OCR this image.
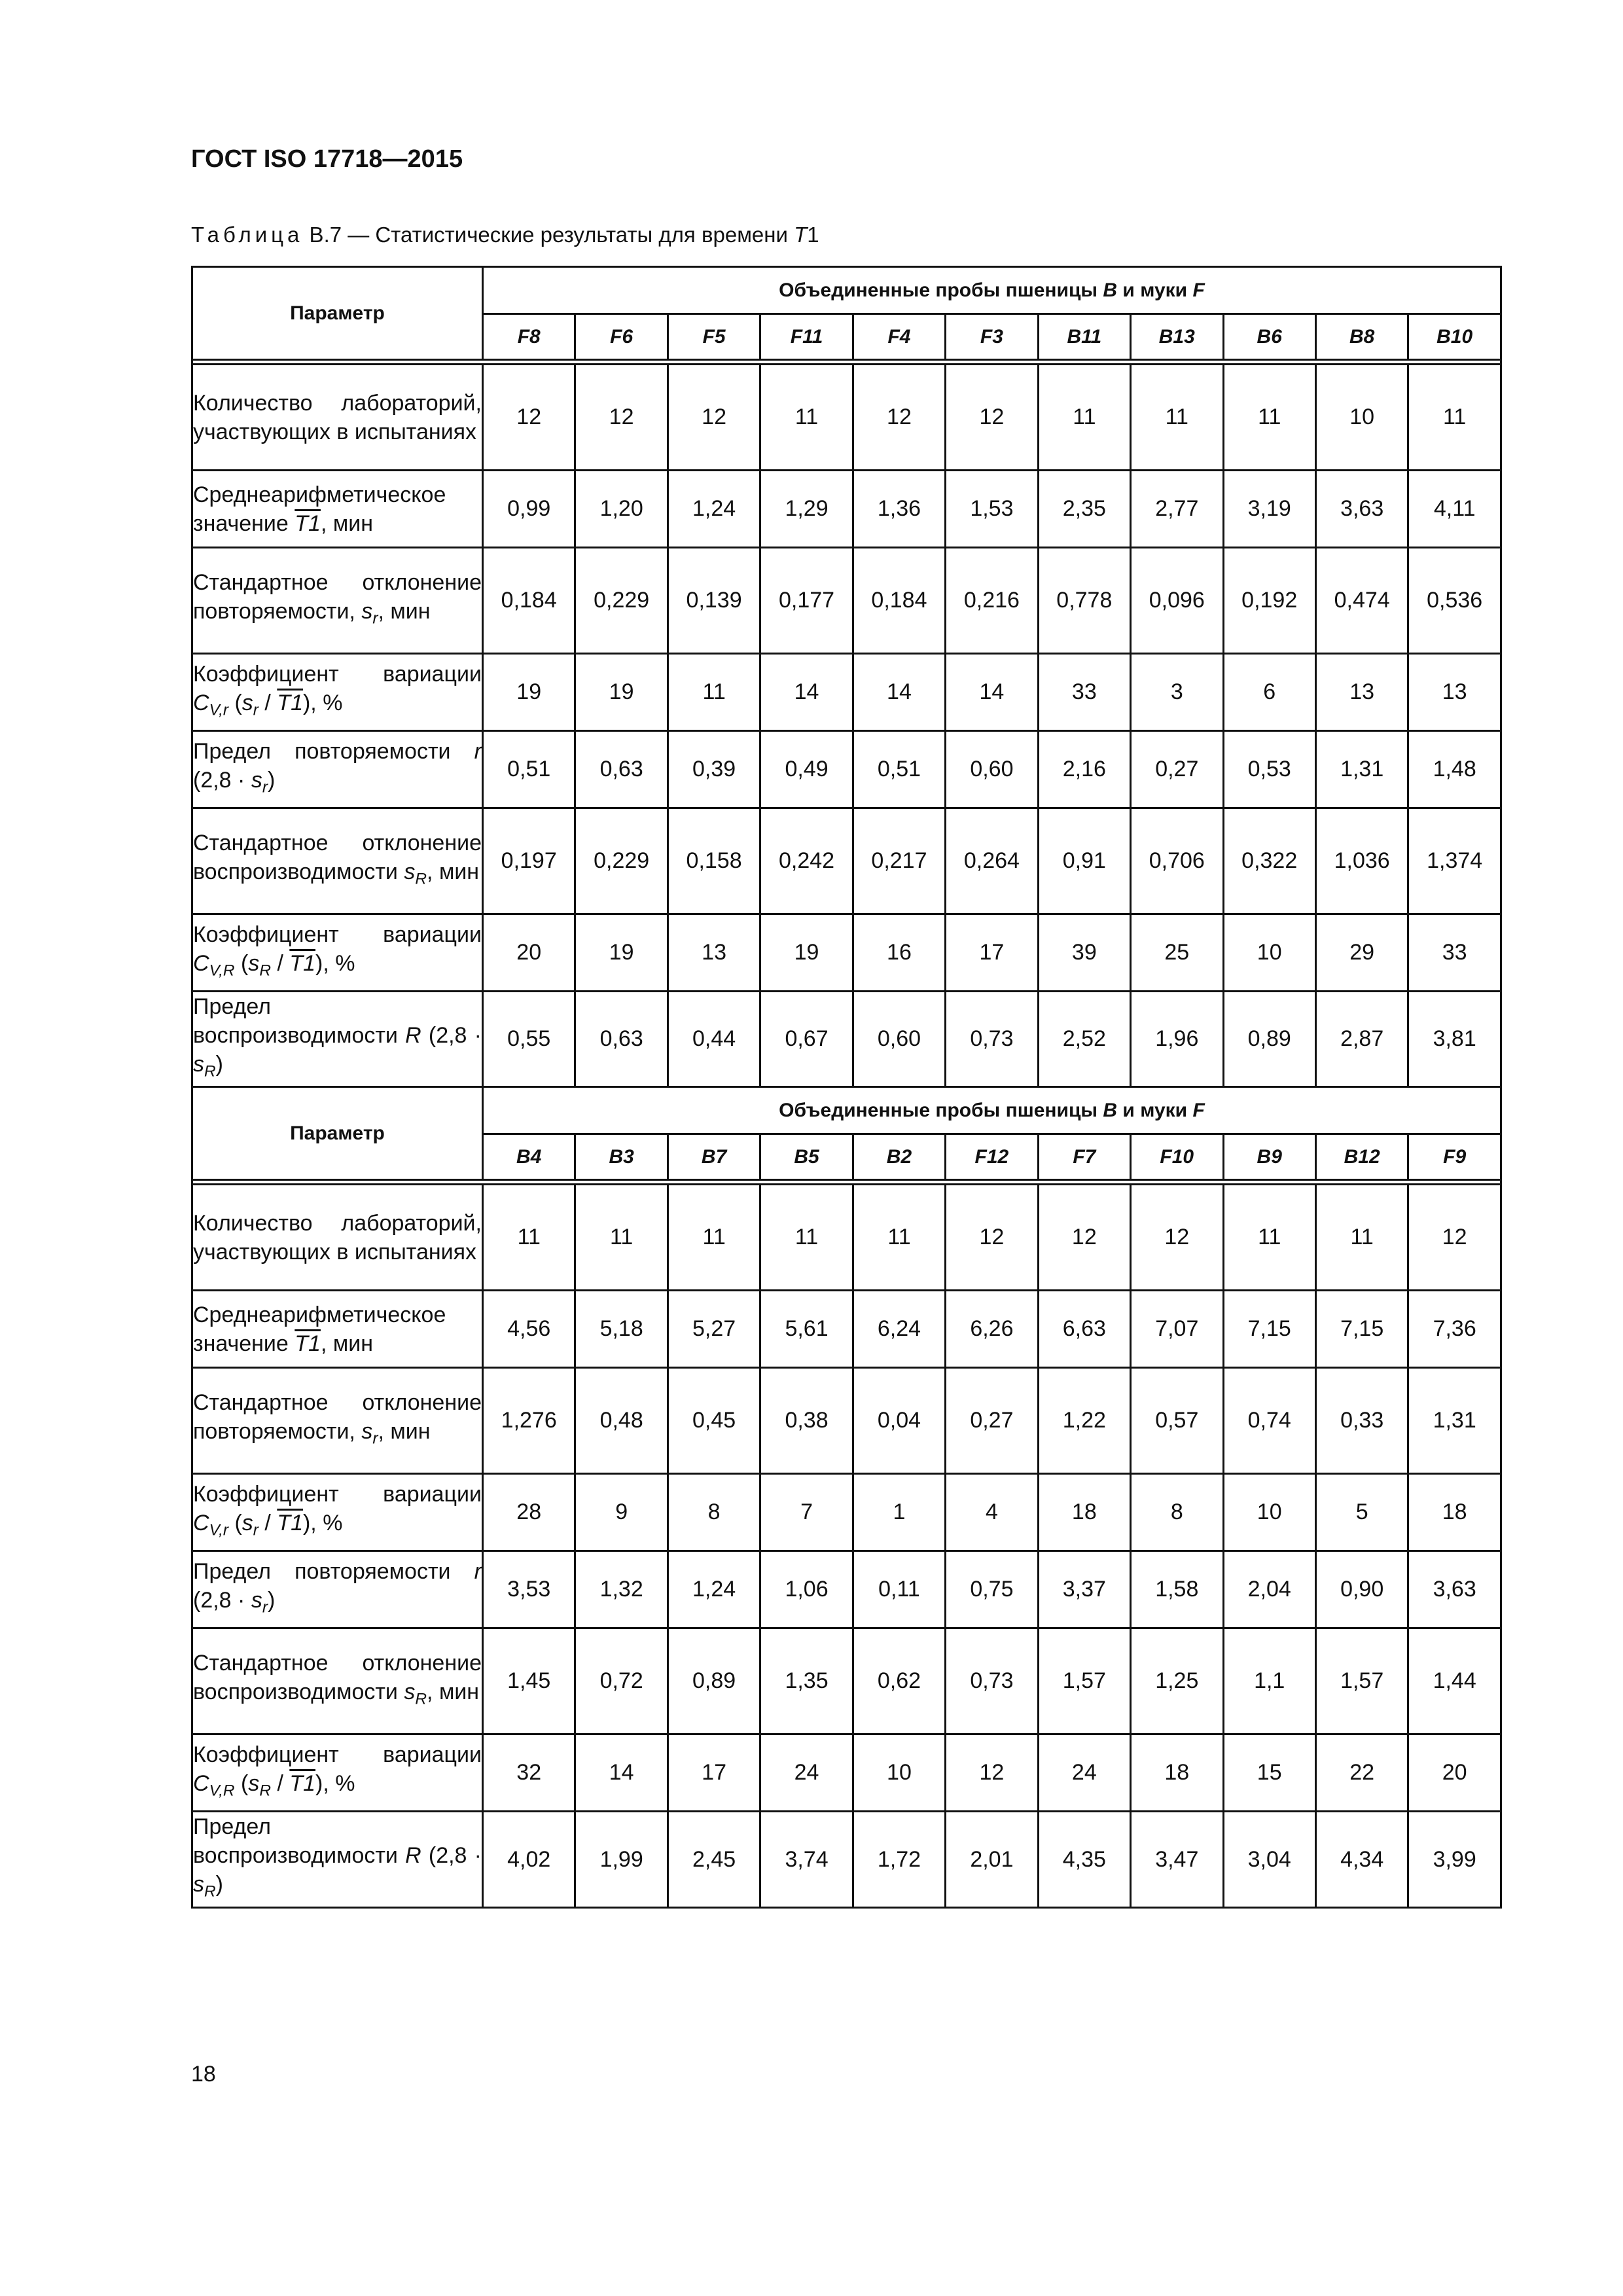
ГОСТ ISO 17718—2015
Таблица В.7 — Статистические результаты для времени T1
Параметр	Объединенные пробы пшеницы B и муки F										
	F8	F6	F5	F11	F4	F3	B11	B13	B6	B8	B10

Количество лабораторий, участвующих в испытаниях	12	12	12	11	12	12	11	11	11	10	11
Среднеарифметическое значение T1, мин	0,99	1,20	1,24	1,29	1,36	1,53	2,35	2,77	3,19	3,63	4,11
Стандартное отклонение повторяемости, $s_r$, мин	0,184	0,229	0,139	0,177	0,184	0,216	0,778	0,096	0,192	0,474	0,536
Коэффициент вариации $C_{V,r}$ $(s_r / T1)$, %	19	19	11	14	14	14	33	3	6	13	13
Предел повторяемости r $(2,8 \cdot s_r)$	0,51	0,63	0,39	0,49	0,51	0,60	2,16	0,27	0,53	1,31	1,48
Стандартное отклонение воспроизводимости $s_R$, мин	0,197	0,229	0,158	0,242	0,217	0,264	0,91	0,706	0,322	1,036	1,374
Коэффициент вариации $C_{V,R}$ $(s_R / T1)$, %	20	19	13	19	16	17	39	25	10	29	33
Предел воспроизводимости R $(2,8 \cdot s_R)$	0,55	0,63	0,44	0,67	0,60	0,73	2,52	1,96	0,89	2,87	3,81
Параметр	Объединенные пробы пшеницы B и муки F										
	B4	B3	B7	B5	B2	F12	F7	F10	B9	B12	F9

Количество лабораторий, участвующих в испытаниях	11	11	11	11	11	12	12	12	11	11	12
Среднеарифметическое значение T1, мин	4,56	5,18	5,27	5,61	6,24	6,26	6,63	7,07	7,15	7,15	7,36
Стандартное отклонение повторяемости, $s_r$, мин	1,276	0,48	0,45	0,38	0,04	0,27	1,22	0,57	0,74	0,33	1,31
Коэффициент вариации $C_{V,r}$ $(s_r / T1)$, %	28	9	8	7	1	4	18	8	10	5	18
Предел повторяемости r $(2,8 \cdot s_r)$	3,53	1,32	1,24	1,06	0,11	0,75	3,37	1,58	2,04	0,90	3,63
Стандартное отклонение воспроизводимости $s_R$, мин	1,45	0,72	0,89	1,35	0,62	0,73	1,57	1,25	1,1	1,57	1,44
Коэффициент вариации $C_{V,R}$ $(s_R / T1)$, %	32	14	17	24	10	12	24	18	15	22	20
Предел воспроизводимости R $(2,8 \cdot s_R)$	4,02	1,99	2,45	3,74	1,72	2,01	4,35	3,47	3,04	4,34	3,99
18
